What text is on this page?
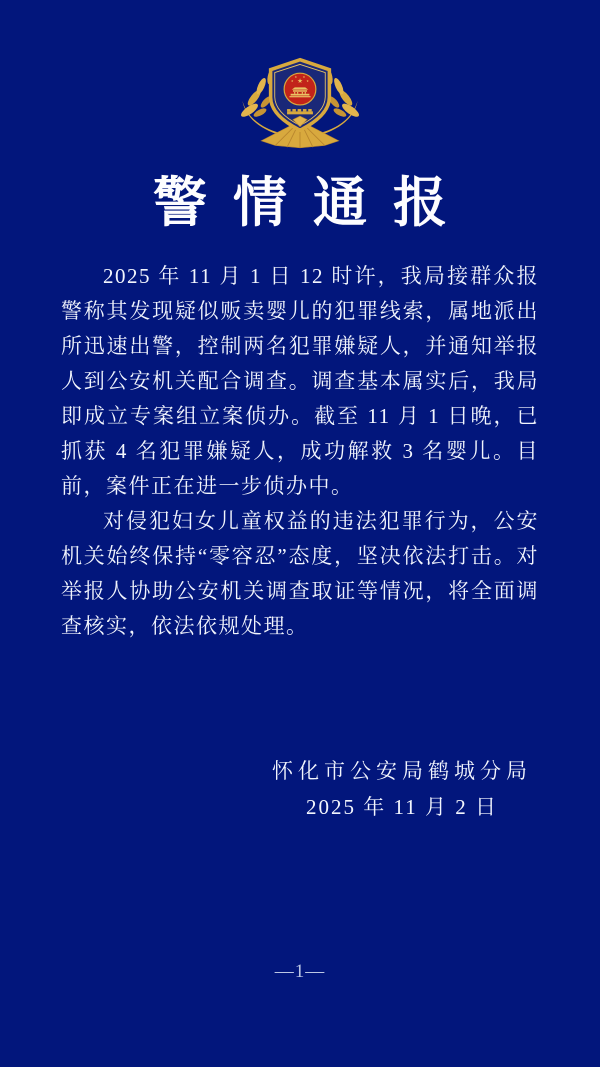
★
★
★ ★
★
警情通报

2025 年 11 月 1 日 12 时许，我局接群众报警称其发现疑似贩卖婴儿的犯罪线索，属地派出所迅速出警，控制两名犯罪嫌疑人，并通知举报人到公安机关配合调查。调查基本属实后，我局即成立专案组立案侦办。截至 11 月 1 日晚，已抓获 4 名犯罪嫌疑人，成功解救 3 名婴儿。目前，案件正在进一步侦办中。

对侵犯妇女儿童权益的违法犯罪行为，公安机关始终保持“零容忍”态度，坚决依法打击。对举报人协助公安机关调查取证等情况，将全面调查核实，依法依规处理。

怀化市公安局鹤城分局
2025 年 11 月 2 日
—1—
